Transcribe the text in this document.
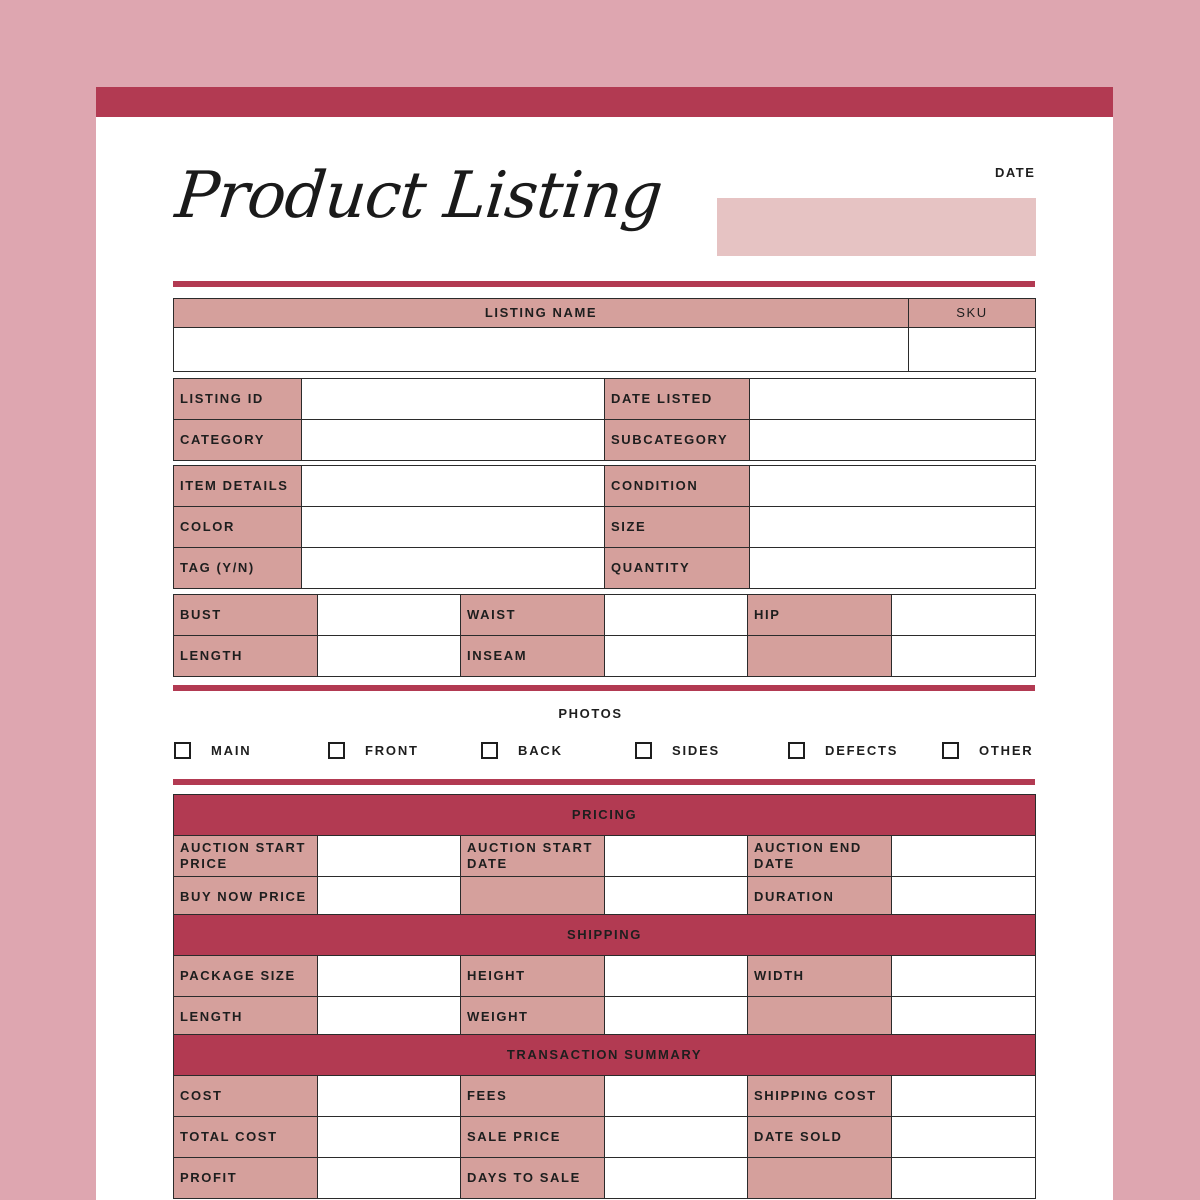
Product Listing	DATE
LISTING NAME	SKU

LISTING ID		DATE LISTED	
CATEGORY		SUBCATEGORY	
ITEM DETAILS		CONDITION	
COLOR		SIZE	
TAG (Y/N)		QUANTITY	
BUST		WAIST		HIP	
LENGTH		INSEAM			
PHOTOS
MAIN	FRONT	BACK	SIDES	DEFECTS	OTHER
PRICING					
AUCTION START PRICE		AUCTION START DATE		AUCTION END DATE	
BUY NOW PRICE				DURATION	
SHIPPING					
PACKAGE SIZE		HEIGHT		WIDTH	
LENGTH		WEIGHT			
TRANSACTION SUMMARY					
COST		FEES		SHIPPING COST	
TOTAL COST		SALE PRICE		DATE SOLD	
PROFIT		DAYS TO SALE			
